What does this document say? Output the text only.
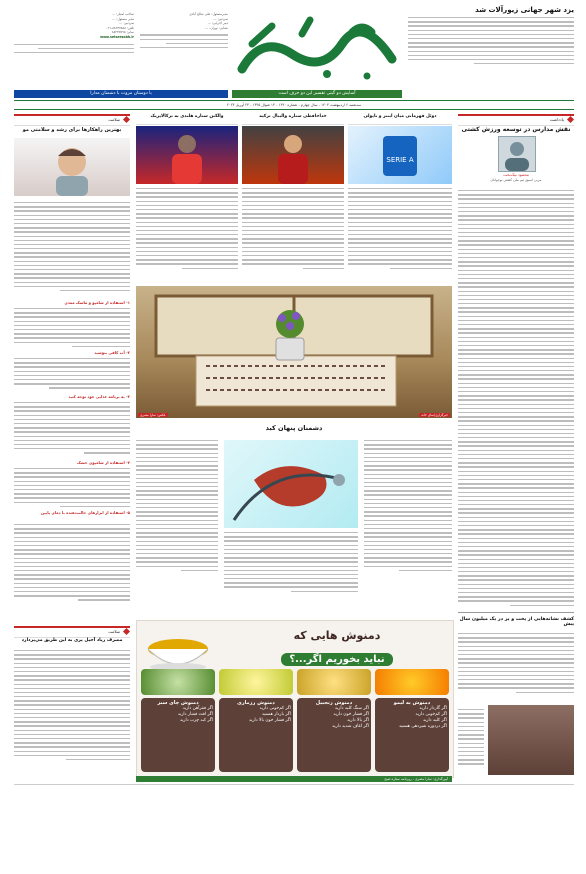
صاحب امتیاز: ...
مدیر مسئول: ...
سردبیر: ...
تلفن: ۸۸۲۳۷۸۵۸-۰۲۱
نمابر: ۸۸۲۳۵۷۹۵
www.setaresobh.ir
مدیرمسئول: علی صالح آبادی
سردبیر: ...
دبیر اجرایی: ...
نشانی: تهران، ...
یزد شهر جهانی زیورآلات شد
آسایش دو گیتی تفسیر این دو حرف است
با دوستان مروت با دشمنان مدارا
سه‌شنبه ۶ اردیبهشت ۱۴۰۳ - سال چهارم - شماره ۱۲۹۰ - ۱۴ شوال ۱۴۴۵ - ۲۳ آوریل ۲۰۲۴
یادداشت
نقش مدارس در توسعه ورزش کشتی
محمود نیک‌بخت
مربی اسبق تیم ملی کشتی نوجوانان
کشف نشانه‌هایی از پخت و پز در یک میلیون سال پیش
دوئل قهرمانی میان اینتر و ناپولی
SERIE A
خداحافظی ستاره والیبال ترکیه
والکتن ستاره هلندی به ترکالاپزیک
عکس: سارا مصری	خبرگزاری/نمای خانه
دشمنان پنهان کبد
سلامت
بهترین راهکارها برای رشد و سلامتی مو
۱- استفاده از شامپو و ماسک مغذی
۲- آب کافی بنوشید
۳- به برنامه غذایی خود توجه کنید
۴- استفاده از شامپوی خشک
۵- استفاده از ابزارهای حالت‌دهنده با دمای پایین
سلامت
مصرف زیاد آجیل پزی به این طریق می‌پردازد	دمنوش هایی که
نباید بخوریم اگر...؟
دمنوش به لیمو
اگر گازدار دارید
اگر کم‌خونی دارید
اگر کلیه دارید
اگر دردوره شیردهی هستید
دمنوش زنجبیل
اگر سنگ کلیه دارید
اگر فشار خون دارید
اگر بالا دارید
اگر اغاف شدید دارید
دمنوش رزماری
اگر کم‌خونی دارید
اگر باردار هستید
اگر فشار خون بالا دارید
دمنوش چای سبز
اگر فقرآهن دارید
اگر افت فشار دارید
اگر کبد چرب دارید
آیین‌گذاری: سارا مصری - روزنامه ستاره صبح
